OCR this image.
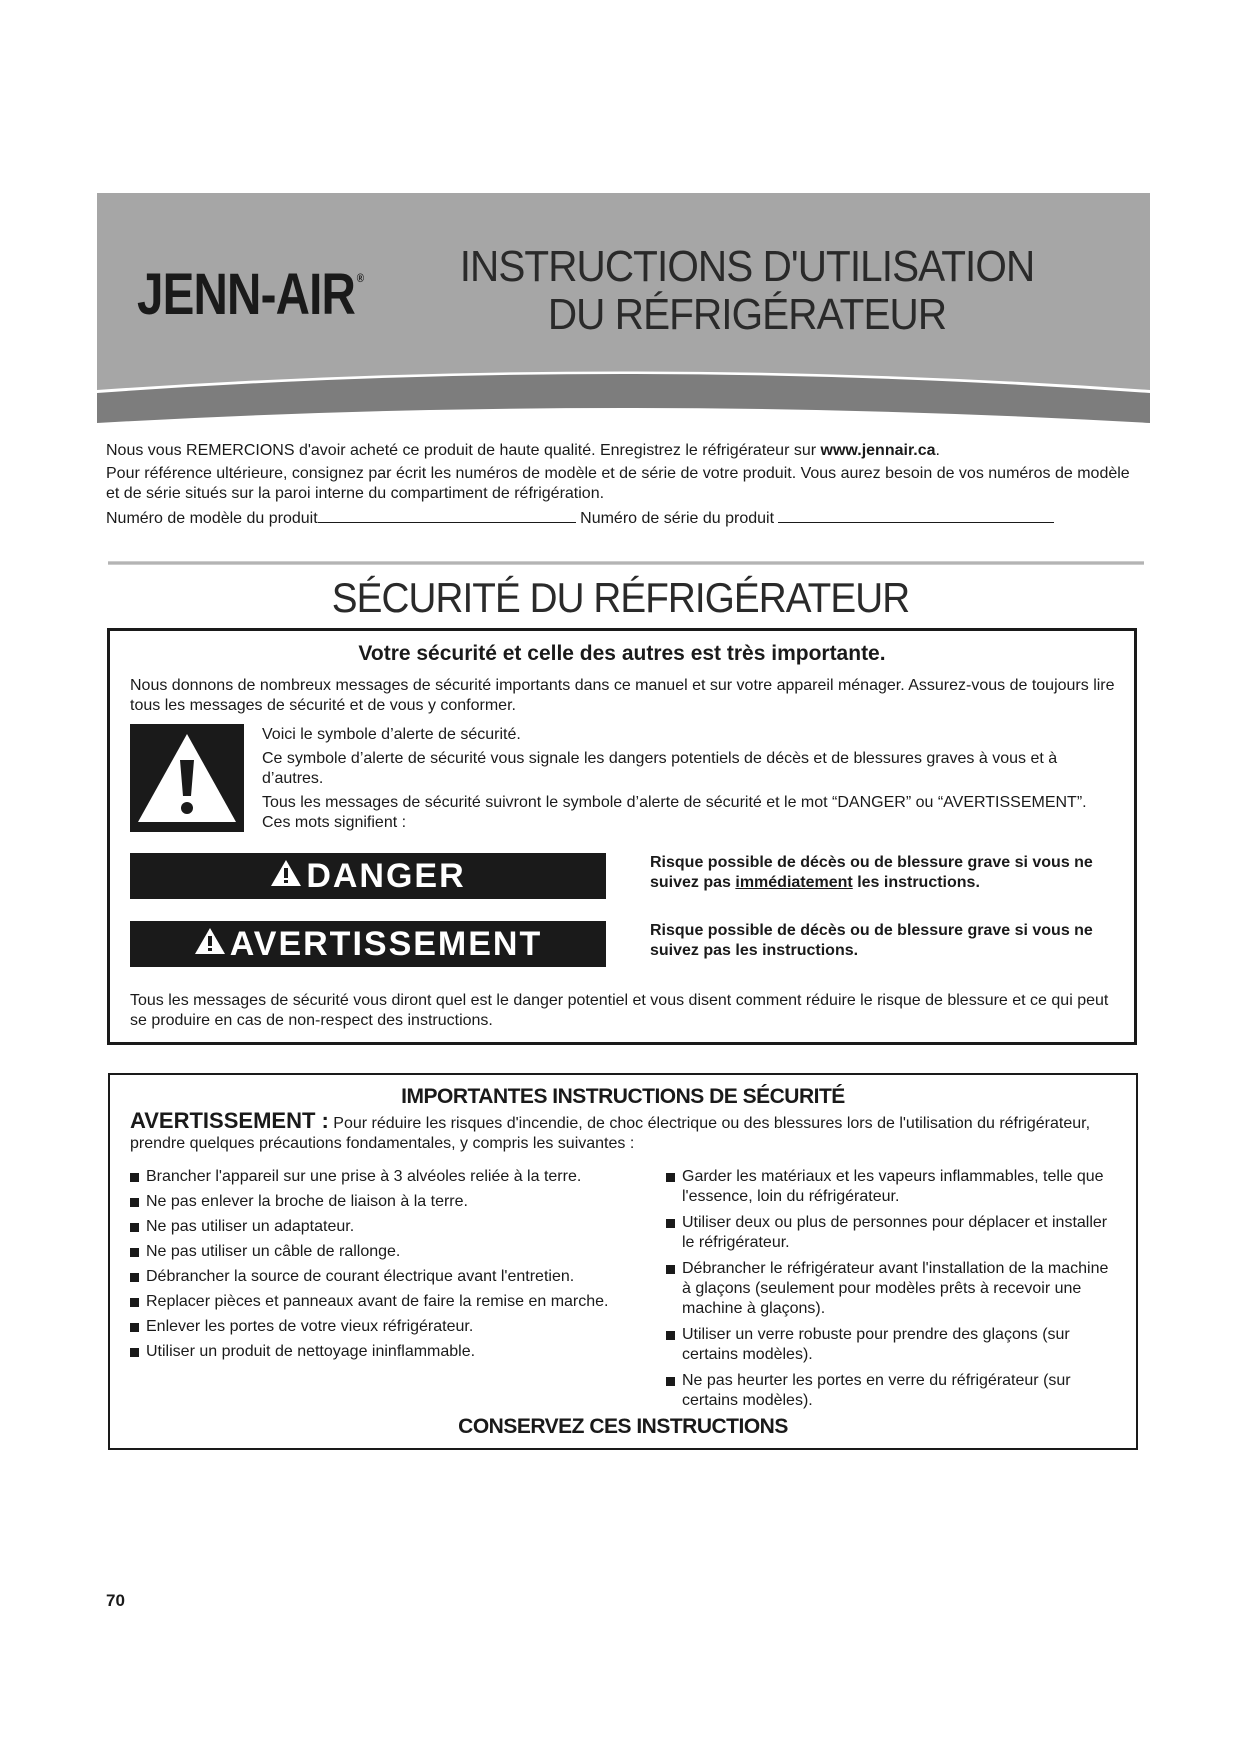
JENN-AIR ®	INSTRUCTIONS D'UTILISATION
DU RÉFRIGÉRATEUR
Nous vous REMERCIONS d'avoir acheté ce produit de haute qualité. Enregistrez le réfrigérateur sur www.jennair.ca.
Pour référence ultérieure, consignez par écrit les numéros de modèle et de série de votre produit. Vous aurez besoin de vos numéros de modèle et de série situés sur la paroi interne du compartiment de réfrigération.
Numéro de modèle du produit	Numéro de série du produit
SÉCURITÉ DU RÉFRIGÉRATEUR
Votre sécurité et celle des autres est très importante.
Nous donnons de nombreux messages de sécurité importants dans ce manuel et sur votre appareil ménager. Assurez-vous de toujours lire tous les messages de sécurité et de vous y conformer.
Voici le symbole d’alerte de sécurité.
Ce symbole d’alerte de sécurité vous signale les dangers potentiels de décès et de blessures graves à vous et à d’autres.
Tous les messages de sécurité suivront le symbole d’alerte de sécurité et le mot “DANGER” ou “AVERTISSEMENT”. Ces mots signifient :
DANGER	Risque possible de décès ou de blessure grave si vous ne suivez pas immédiatement les instructions.
AVERTISSEMENT	Risque possible de décès ou de blessure grave si vous ne suivez pas les instructions.
Tous les messages de sécurité vous diront quel est le danger potentiel et vous disent comment réduire le risque de blessure et ce qui peut se produire en cas de non-respect des instructions.
IMPORTANTES INSTRUCTIONS DE SÉCURITÉ
AVERTISSEMENT : Pour réduire les risques d'incendie, de choc électrique ou des blessures lors de l'utilisation du réfrigérateur, prendre quelques précautions fondamentales, y compris les suivantes :
Brancher l'appareil sur une prise à 3 alvéoles reliée à la terre.
Ne pas enlever la broche de liaison à la terre.
Ne pas utiliser un adaptateur.
Ne pas utiliser un câble de rallonge.
Débrancher la source de courant électrique avant l'entretien.
Replacer pièces et panneaux avant de faire la remise en marche.
Enlever les portes de votre vieux réfrigérateur.
Utiliser un produit de nettoyage ininflammable.
Garder les matériaux et les vapeurs inflammables, telle que l'essence, loin du réfrigérateur.
Utiliser deux ou plus de personnes pour déplacer et installer le réfrigérateur.
Débrancher le réfrigérateur avant l'installation de la machine à glaçons (seulement pour modèles prêts à recevoir une machine à glaçons).
Utiliser un verre robuste pour prendre des glaçons (sur certains modèles).
Ne pas heurter les portes en verre du réfrigérateur (sur certains modèles).
CONSERVEZ CES INSTRUCTIONS
70
